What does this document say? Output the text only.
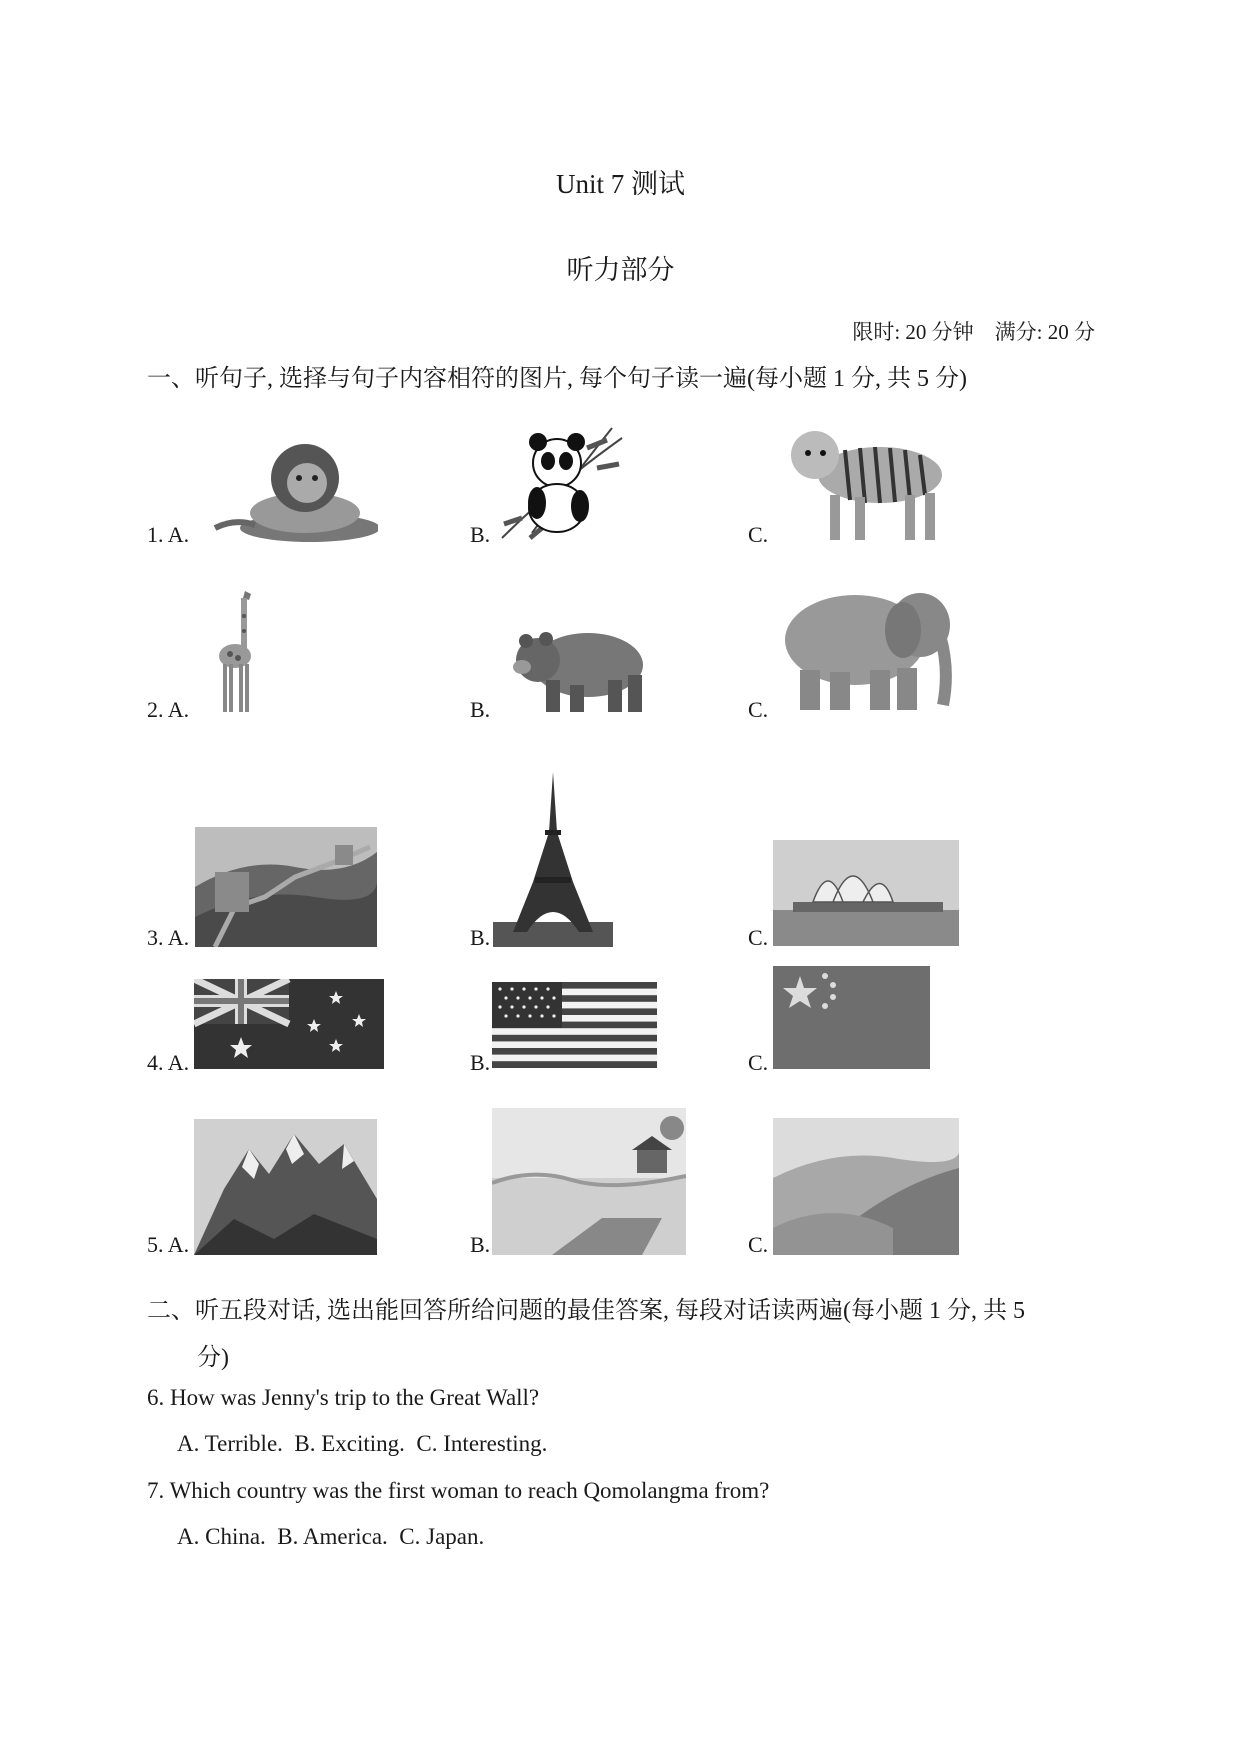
Unit 7 测试
听力部分
限时: 20 分钟    满分: 20 分
一、听句子, 选择与句子内容相符的图片, 每个句子读一遍(每小题 1 分, 共 5 分)
1. A.	B.	C.
2. A.	B.	C.
3. A.	B.	C.
4. A.	B.	C.
5. A.	B.	C.
二、听五段对话, 选出能回答所给问题的最佳答案, 每段对话读两遍(每小题 1 分, 共 5
分)
6. How was Jenny's trip to the Great Wall?
A. Terrible.  B. Exciting.  C. Interesting.
7. Which country was the first woman to reach Qomolangma from?
A. China.  B. America.  C. Japan.
